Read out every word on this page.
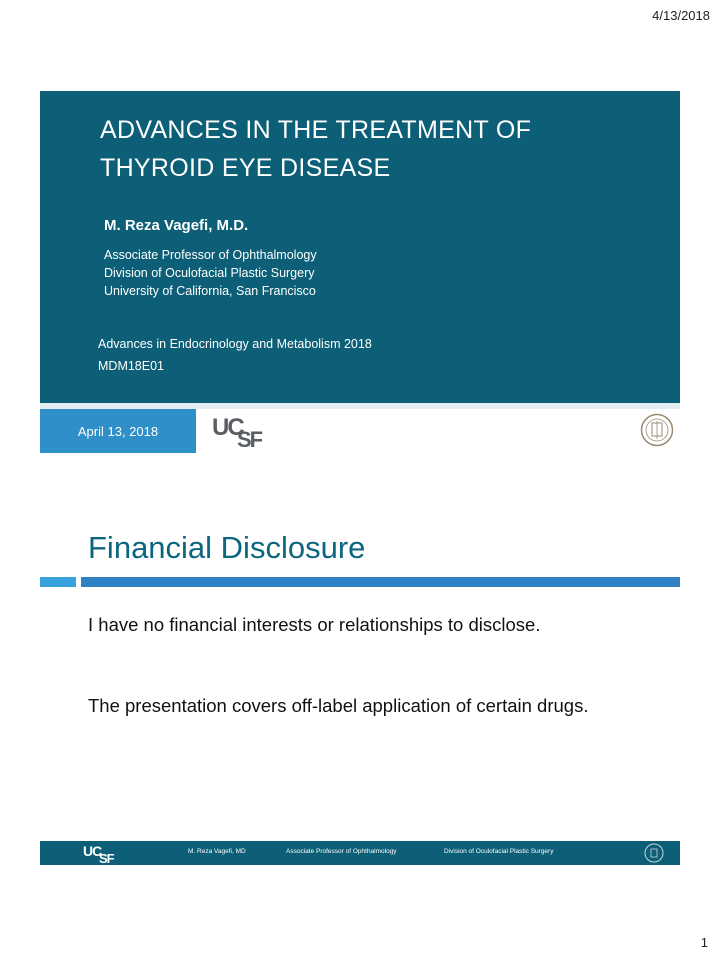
4/13/2018
ADVANCES IN THE TREATMENT OF
THYROID EYE DISEASE
M. Reza Vagefi, M.D.
Associate Professor of Ophthalmology
Division of Oculofacial Plastic Surgery
University of California, San Francisco
Advances in Endocrinology and Metabolism 2018
MDM18E01
April 13, 2018 UC
SF
Financial Disclosure
I have no financial interests or relationships to disclose.
The presentation covers off-label application of certain drugs.
UC
SF	M. Reza Vagefi, MD	Associate Professor of Ophthalmology	Division of Oculofacial Plastic Surgery
1
